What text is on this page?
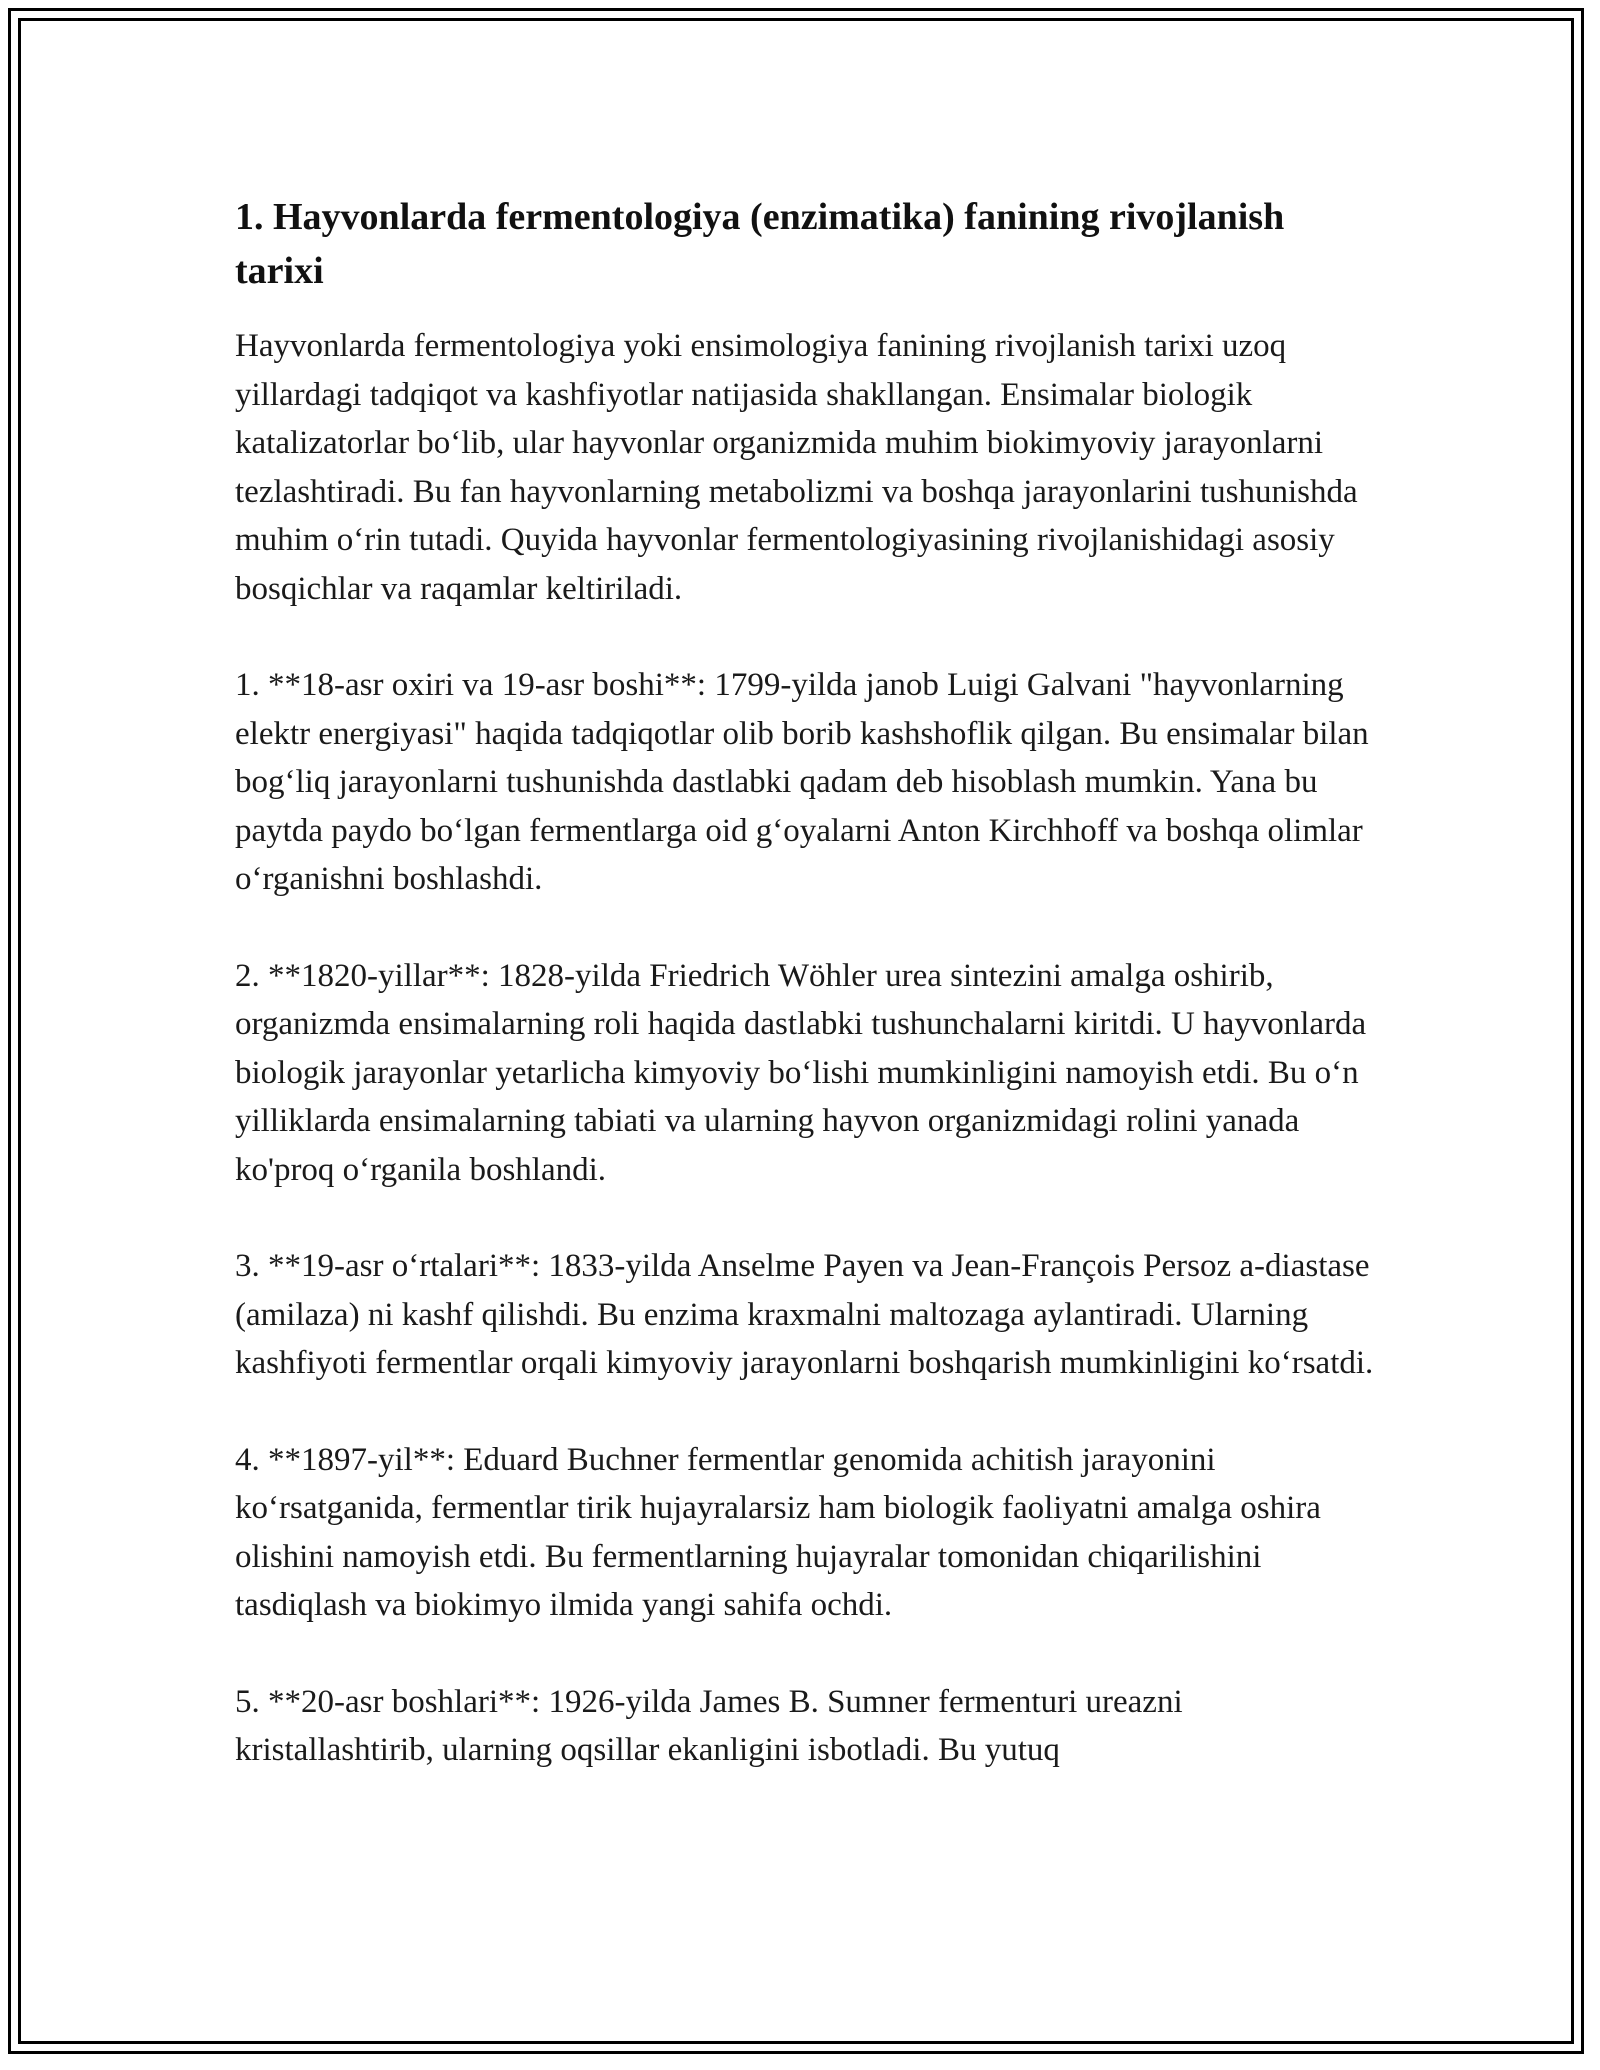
1. Hayvonlarda fermentologiya (enzimatika) fanining rivojlanish tarixi

Hayvonlarda fermentologiya yoki ensimologiya fanining rivojlanish tarixi uzoq yillardagi tadqiqot va kashfiyotlar natijasida shakllangan. Ensimalar biologik katalizatorlar bo‘lib, ular hayvonlar organizmida muhim biokimyoviy jarayonlarni tezlashtiradi. Bu fan hayvonlarning metabolizmi va boshqa jarayonlarini tushunishda muhim o‘rin tutadi. Quyida hayvonlar fermentologiyasining rivojlanishidagi asosiy bosqichlar va raqamlar keltiriladi.

1. **18-asr oxiri va 19-asr boshi**: 1799-yilda janob Luigi Galvani "hayvonlarning elektr energiyasi" haqida tadqiqotlar olib borib kashshoflik qilgan. Bu ensimalar bilan bog‘liq jarayonlarni tushunishda dastlabki qadam deb hisoblash mumkin. Yana bu paytda paydo bo‘lgan fermentlarga oid g‘oyalarni Anton Kirchhoff va boshqa olimlar o‘rganishni boshlashdi.

2. **1820-yillar**: 1828-yilda Friedrich Wöhler urea sintezini amalga oshirib, organizmda ensimalarning roli haqida dastlabki tushunchalarni kiritdi. U hayvonlarda biologik jarayonlar yetarlicha kimyoviy bo‘lishi mumkinligini namoyish etdi. Bu o‘n yilliklarda ensimalarning tabiati va ularning hayvon organizmidagi rolini yanada ko'proq o‘rganila boshlandi.

3. **19-asr o‘rtalari**: 1833-yilda Anselme Payen va Jean-François Persoz a-diastase (amilaza) ni kashf qilishdi. Bu enzima kraxmalni maltozaga aylantiradi. Ularning kashfiyoti fermentlar orqali kimyoviy jarayonlarni boshqarish mumkinligini ko‘rsatdi.

4. **1897-yil**: Eduard Buchner fermentlar genomida achitish jarayonini ko‘rsatganida, fermentlar tirik hujayralarsiz ham biologik faoliyatni amalga oshira olishini namoyish etdi. Bu fermentlarning hujayralar tomonidan chiqarilishini tasdiqlash va biokimyo ilmida yangi sahifa ochdi.

5. **20-asr boshlari**: 1926-yilda James B. Sumner fermenturi ureazni kristallashtirib, ularning oqsillar ekanligini isbotladi. Bu yutuq
